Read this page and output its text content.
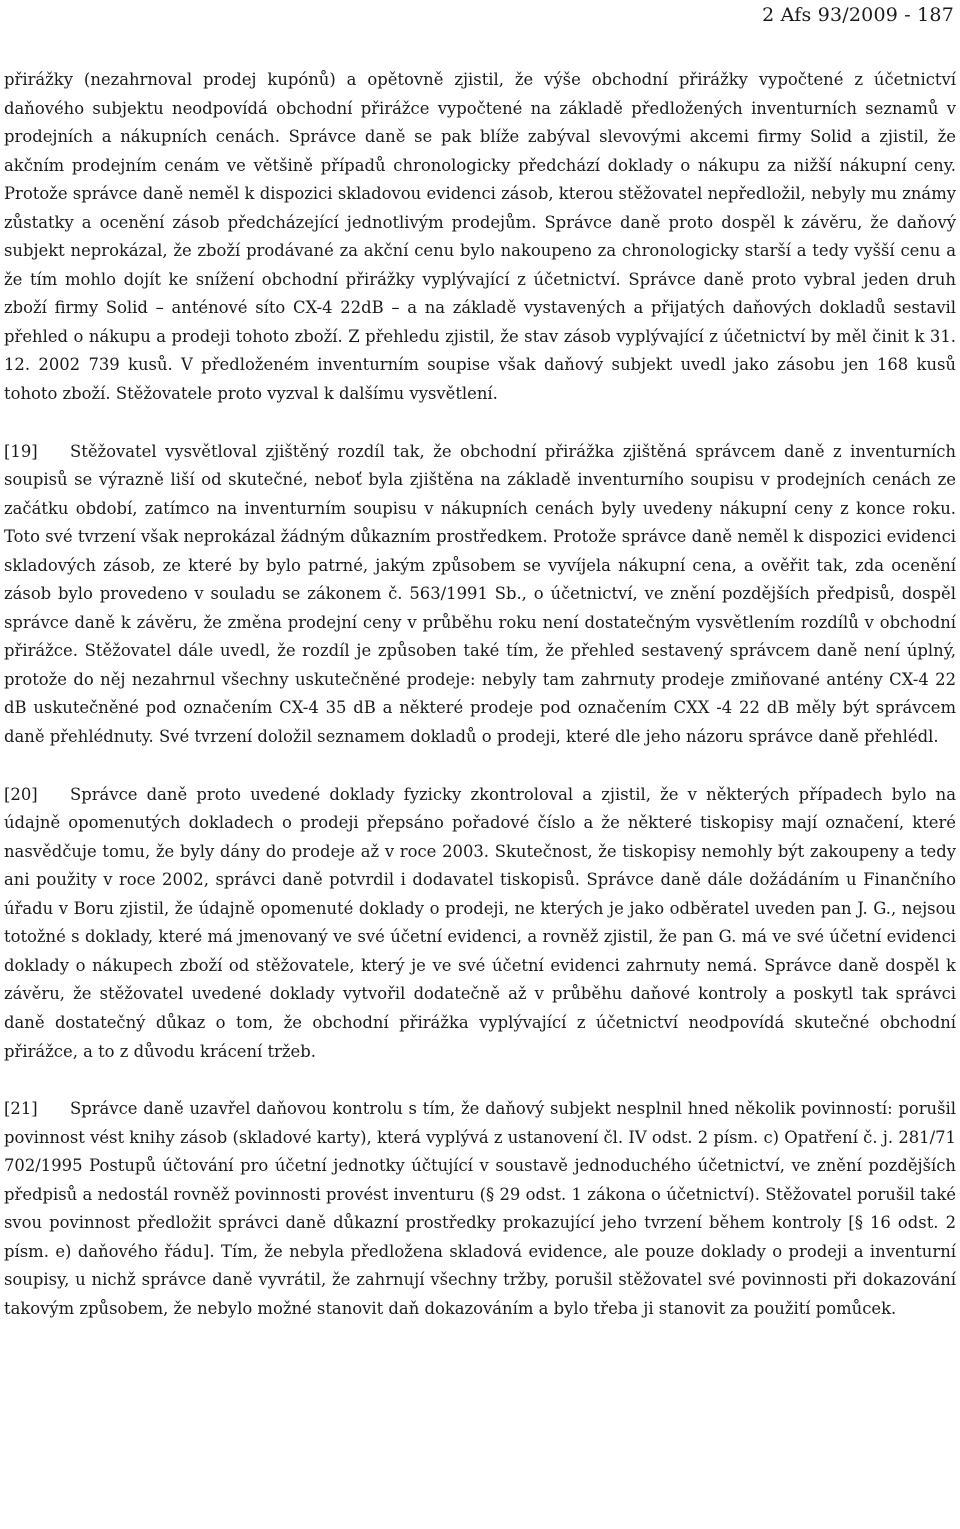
2 Afs 93/2009 - 187

přirážky (nezahrnoval prodej kupónů) a opětovně zjistil, že výše obchodní přirážky vypočtené z účetnictví daňového subjektu neodpovídá obchodní přirážce vypočtené na základě předložených inventurních seznamů v prodejních a nákupních cenách. Správce daně se pak blíže zabýval slevovými akcemi firmy Solid a zjistil, že akčním prodejním cenám ve většině případů chronologicky předchází doklady o nákupu za nižší nákupní ceny. Protože správce daně neměl k dispozici skladovou evidenci zásob, kterou stěžovatel nepředložil, nebyly mu známy zůstatky a ocenění zásob předcházející jednotlivým prodejům. Správce daně proto dospěl k závěru, že daňový subjekt neprokázal, že zboží prodávané za akční cenu bylo nakoupeno za chronologicky starší a tedy vyšší cenu a že tím mohlo dojít ke snížení obchodní přirážky vyplývající z účetnictví. Správce daně proto vybral jeden druh zboží firmy Solid – anténové síto CX-4 22dB – a na základě vystavených a přijatých daňových dokladů sestavil přehled o nákupu a prodeji tohoto zboží. Z přehledu zjistil, že stav zásob vyplývající z účetnictví by měl činit k 31. 12. 2002 739 kusů. V předloženém inventurním soupise však daňový subjekt uvedl jako zásobu jen 168 kusů tohoto zboží. Stěžovatele proto vyzval k dalšímu vysvětlení.

[19] Stěžovatel vysvětloval zjištěný rozdíl tak, že obchodní přirážka zjištěná správcem daně z inventurních soupisů se výrazně liší od skutečné, neboť byla zjištěna na základě inventurního soupisu v prodejních cenách ze začátku období, zatímco na inventurním soupisu v nákupních cenách byly uvedeny nákupní ceny z konce roku. Toto své tvrzení však neprokázal žádným důkazním prostředkem. Protože správce daně neměl k dispozici evidenci skladových zásob, ze které by bylo patrné, jakým způsobem se vyvíjela nákupní cena, a ověřit tak, zda ocenění zásob bylo provedeno v souladu se zákonem č. 563/1991 Sb., o účetnictví, ve znění pozdějších předpisů, dospěl správce daně k závěru, že změna prodejní ceny v průběhu roku není dostatečným vysvětlením rozdílů v obchodní přirážce. Stěžovatel dále uvedl, že rozdíl je způsoben také tím, že přehled sestavený správcem daně není úplný, protože do něj nezahrnul všechny uskutečněné prodeje: nebyly tam zahrnuty prodeje zmiňované antény CX-4 22 dB uskutečněné pod označením CX-4 35 dB a některé prodeje pod označením CXX -4 22 dB měly být správcem daně přehlédnuty. Své tvrzení doložil seznamem dokladů o prodeji, které dle jeho názoru správce daně přehlédl.

[20] Správce daně proto uvedené doklady fyzicky zkontroloval a zjistil, že v některých případech bylo na údajně opomenutých dokladech o prodeji přepsáno pořadové číslo a že některé tiskopisy mají označení, které nasvědčuje tomu, že byly dány do prodeje až v roce 2003. Skutečnost, že tiskopisy nemohly být zakoupeny a tedy ani použity v roce 2002, správci daně potvrdil i dodavatel tiskopisů. Správce daně dále dožádáním u Finančního úřadu v Boru zjistil, že údajně opomenuté doklady o prodeji, ne kterých je jako odběratel uveden pan J. G., nejsou totožné s doklady, které má jmenovaný ve své účetní evidenci, a rovněž zjistil, že pan G. má ve své účetní evidenci doklady o nákupech zboží od stěžovatele, který je ve své účetní evidenci zahrnuty nemá. Správce daně dospěl k závěru, že stěžovatel uvedené doklady vytvořil dodatečně až v průběhu daňové kontroly a poskytl tak správci daně dostatečný důkaz o tom, že obchodní přirážka vyplývající z účetnictví neodpovídá skutečné obchodní přirážce, a to z důvodu krácení tržeb.

[21] Správce daně uzavřel daňovou kontrolu s tím, že daňový subjekt nesplnil hned několik povinností: porušil povinnost vést knihy zásob (skladové karty), která vyplývá z ustanovení čl. IV odst. 2 písm. c) Opatření č. j. 281/71 702/1995 Postupů účtování pro účetní jednotky účtující v soustavě jednoduchého účetnictví, ve znění pozdějších předpisů a nedostál rovněž povinnosti provést inventuru (§ 29 odst. 1 zákona o účetnictví). Stěžovatel porušil také svou povinnost předložit správci daně důkazní prostředky prokazující jeho tvrzení během kontroly [§ 16 odst. 2 písm. e) daňového řádu]. Tím, že nebyla předložena skladová evidence, ale pouze doklady o prodeji a inventurní soupisy, u nichž správce daně vyvrátil, že zahrnují všechny tržby, porušil stěžovatel své povinnosti při dokazování takovým způsobem, že nebylo možné stanovit daň dokazováním a bylo třeba ji stanovit za použití pomůcek.
